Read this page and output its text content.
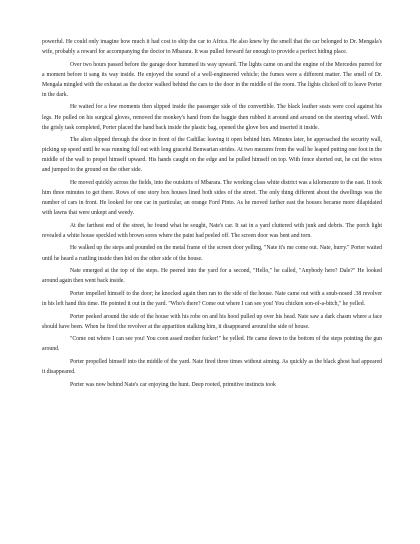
powerful. He could only imagine how much it had cost to ship the car to Africa. He also knew by the smell that the car belonged to Dr. Mengala's wife, probably a reward for accompanying the doctor to Mbarara. It was pulled forward far enough to provide a perfect hiding place.

Over two hours passed before the garage door hummed its way upward. The lights came on and the engine of the Mercedes purred for a moment before it sang its way inside. He enjoyed the sound of a well-engineered vehicle; the fumes were a different matter. The smell of Dr. Mengala mingled with the exhaust as the doctor walked behind the cars to the door in the middle of the room. The lights clicked off to leave Porter in the dark.

He waited for a few moments then slipped inside the passenger side of the convertible. The black leather seats were cool against his legs. He pulled on his surgical gloves, removed the monkey's hand from the baggie then rubbed it around and around on the steering wheel. With the grisly task completed, Porter placed the hand back inside the plastic bag, opened the glove box and inserted it inside.

The alien slipped through the door in front of the Cadillac leaving it open behind him. Minutes later, he approached the security wall, picking up speed until he was running full out with long graceful Benwarian strides. At two mezures from the wall he leaped putting one foot in the middle of the wall to propel himself upward. His hands caught on the edge and he pulled himself on top. With fence shorted out, he cut the wires and jumped to the ground on the other side.

He moved quickly across the fields, into the outskirts of Mbarara. The working class white district was a kilomezure to the east. It took him three minutes to get there. Rows of one story box houses lined both sides of the street. The only thing different about the dwellings was the number of cars in front. He looked for one car in particular, an orange Ford Pinto. As he moved farther east the houses became more dilapidated with lawns that were unkept and weedy.

At the farthest end of the street, he found what he sought, Nate's car. It sat in a yard cluttered with junk and debris. The porch light revealed a white house speckled with brown sores where the paint had peeled off. The screen door was bent and torn.

He walked up the steps and pounded on the metal frame of the screen door yelling, "Nate it's me come out. Nate, hurry." Porter waited until he heard a rustling inside then hid on the other side of the house.

Nate emerged at the top of the steps. He peered into the yard for a second, "Hello," he called, "Anybody here? Dale?" He looked around again then went back inside.

Porter impelled himself to the door; he knocked again then ran to the side of the house. Nate came out with a snub-nosed .38 revolver in his left hand this time. He pointed it out in the yard. "Who's there? Come out where I can see you! You chicken son-of-a-bitch," he yelled.

Porter peeked around the side of the house with his robe on and his hood pulled up over his head. Nate saw a dark chasm where a face should have been. When he fired the revolver at the apparition stalking him, it disappeared around the side of house.

"Come out where I can see you! You coon assed mother fucker!" he yelled. He came down to the bottom of the steps pointing the gun around.

Porter propelled himself into the middle of the yard. Nate fired three times without aiming. As quickly as the black ghost had appeared it disappeared.

Porter was now behind Nate's car enjoying the hunt. Deep rooted, primitive instincts took
